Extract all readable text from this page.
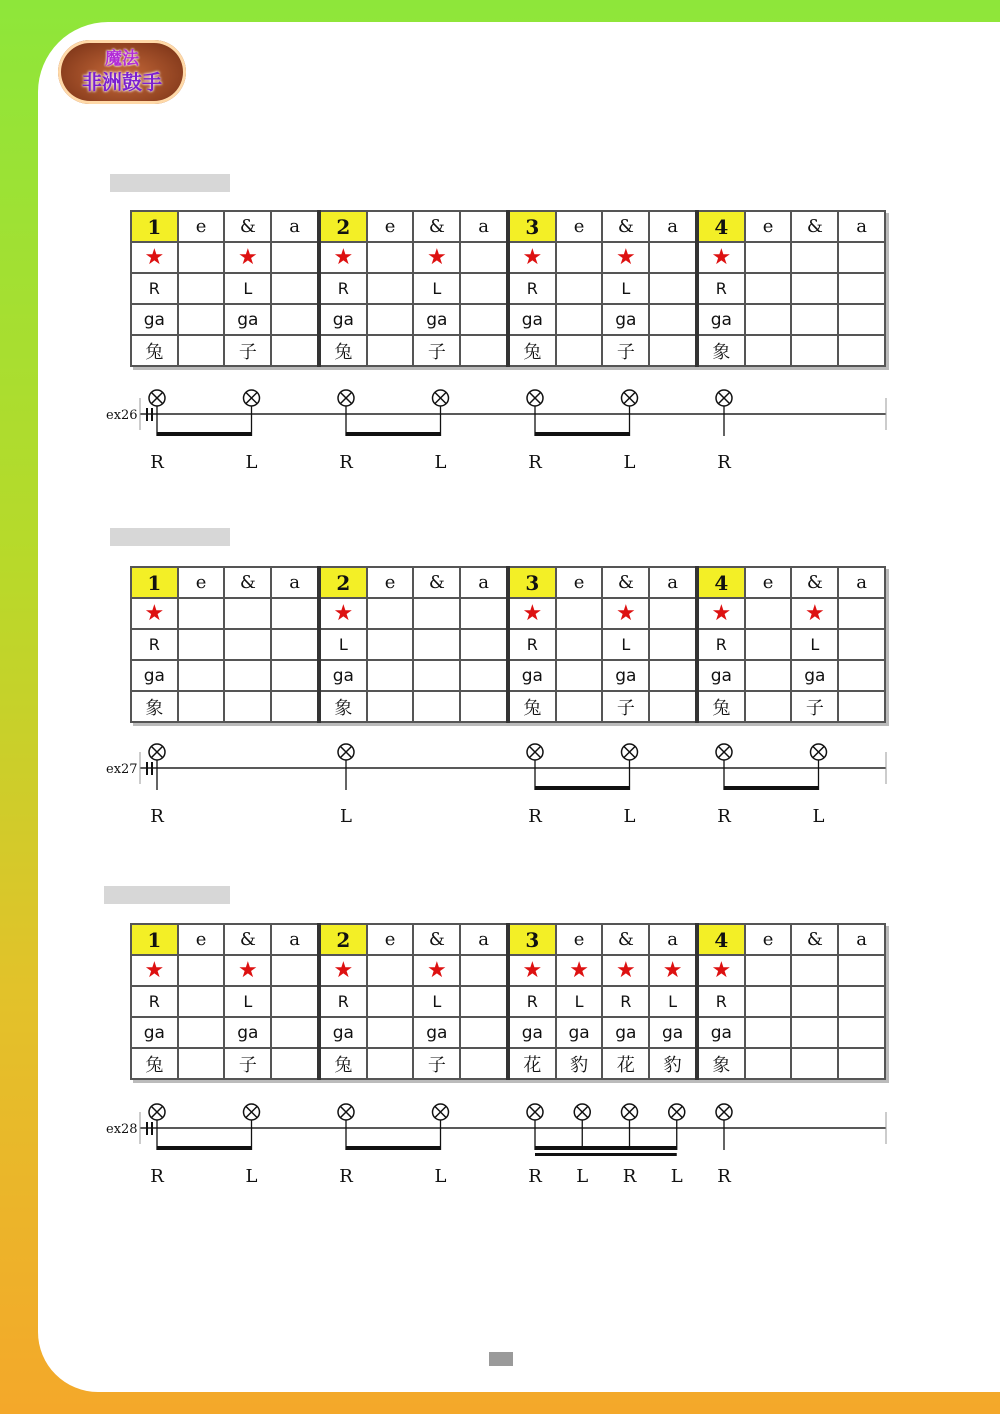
魔法
非洲鼓手
1	e	&	a	2	e	&	a	3	e	&	a	4	e	&	a
★		★		★		★		★		★		★			
R		L		R		L		R		L		R			
ga		ga		ga		ga		ga		ga		ga			
兔		子		兔		子		兔		子		象			
1	e	&	a	2	e	&	a	3	e	&	a	4	e	&	a
★				★				★		★		★		★	
R				L				R		L		R		L	
ga				ga				ga		ga		ga		ga	
象				象				兔		子		兔		子	
1	e	&	a	2	e	&	a	3	e	&	a	4	e	&	a
★		★		★		★		★	★	★	★	★			
R		L		R		L		R	L	R	L	R			
ga		ga		ga		ga		ga	ga	ga	ga	ga			
兔		子		兔		子		花	豹	花	豹	象			
ex26
R	L	R	L	R	L	R
ex27
R	L	R	L	R	L
ex28
R	L	R	L	R L R L R
